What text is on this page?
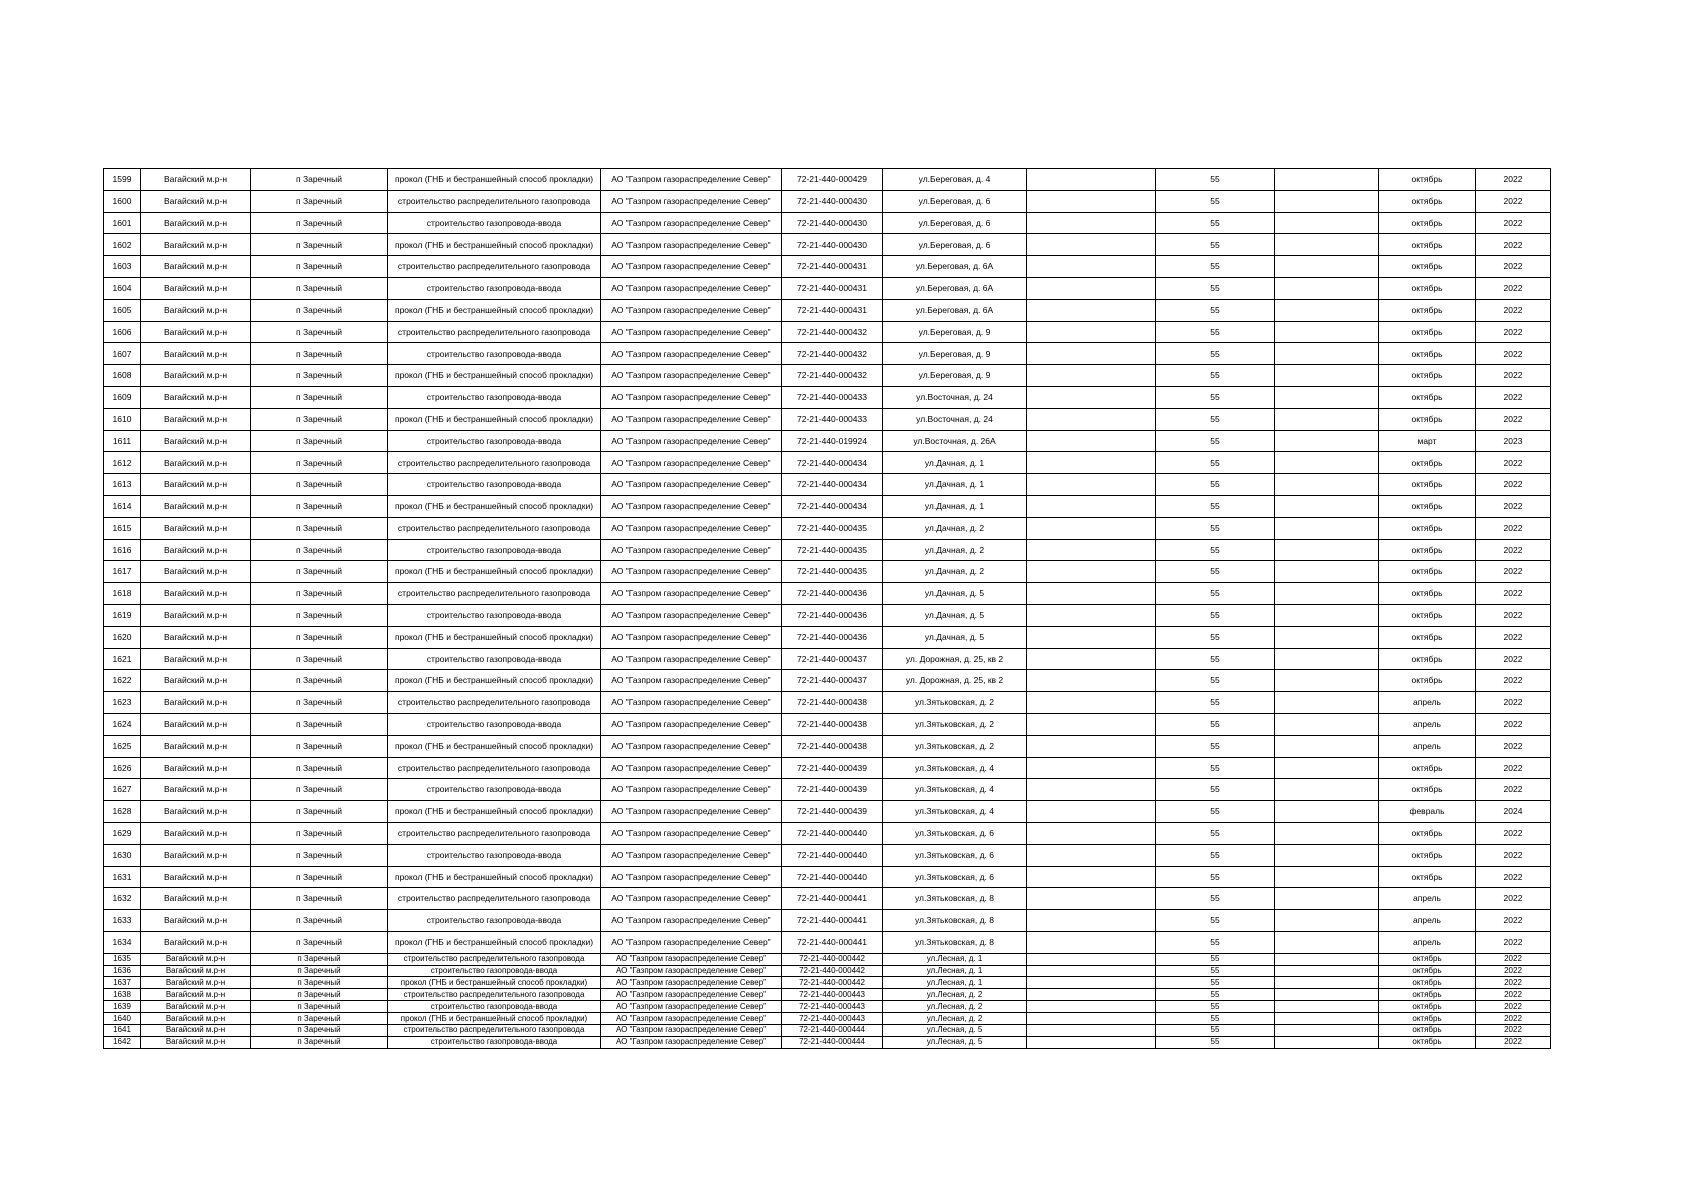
1599	Вагайский м.р-н	п Заречный	прокол (ГНБ и бестраншейный способ прокладки)	АО "Газпром газораспределение Север"	72-21-440-000429	ул.Береговая, д. 4		55		октябрь	2022
1600	Вагайский м.р-н	п Заречный	строительство распределительного газопровода	АО "Газпром газораспределение Север"	72-21-440-000430	ул.Береговая, д. 6		55		октябрь	2022
1601	Вагайский м.р-н	п Заречный	строительство газопровода-ввода	АО "Газпром газораспределение Север"	72-21-440-000430	ул.Береговая, д. 6		55		октябрь	2022
1602	Вагайский м.р-н	п Заречный	прокол (ГНБ и бестраншейный способ прокладки)	АО "Газпром газораспределение Север"	72-21-440-000430	ул.Береговая, д. 6		55		октябрь	2022
1603	Вагайский м.р-н	п Заречный	строительство распределительного газопровода	АО "Газпром газораспределение Север"	72-21-440-000431	ул.Береговая, д. 6А		55		октябрь	2022
1604	Вагайский м.р-н	п Заречный	строительство газопровода-ввода	АО "Газпром газораспределение Север"	72-21-440-000431	ул.Береговая, д. 6А		55		октябрь	2022
1605	Вагайский м.р-н	п Заречный	прокол (ГНБ и бестраншейный способ прокладки)	АО "Газпром газораспределение Север"	72-21-440-000431	ул.Береговая, д. 6А		55		октябрь	2022
1606	Вагайский м.р-н	п Заречный	строительство распределительного газопровода	АО "Газпром газораспределение Север"	72-21-440-000432	ул.Береговая, д. 9		55		октябрь	2022
1607	Вагайский м.р-н	п Заречный	строительство газопровода-ввода	АО "Газпром газораспределение Север"	72-21-440-000432	ул.Береговая, д. 9		55		октябрь	2022
1608	Вагайский м.р-н	п Заречный	прокол (ГНБ и бестраншейный способ прокладки)	АО "Газпром газораспределение Север"	72-21-440-000432	ул.Береговая, д. 9		55		октябрь	2022
1609	Вагайский м.р-н	п Заречный	строительство газопровода-ввода	АО "Газпром газораспределение Север"	72-21-440-000433	ул.Восточная, д. 24		55		октябрь	2022
1610	Вагайский м.р-н	п Заречный	прокол (ГНБ и бестраншейный способ прокладки)	АО "Газпром газораспределение Север"	72-21-440-000433	ул.Восточная, д. 24		55		октябрь	2022
1611	Вагайский м.р-н	п Заречный	строительство газопровода-ввода	АО "Газпром газораспределение Север"	72-21-440-019924	ул.Восточная, д. 26А		55		март	2023
1612	Вагайский м.р-н	п Заречный	строительство распределительного газопровода	АО "Газпром газораспределение Север"	72-21-440-000434	ул.Дачная, д. 1		55		октябрь	2022
1613	Вагайский м.р-н	п Заречный	строительство газопровода-ввода	АО "Газпром газораспределение Север"	72-21-440-000434	ул.Дачная, д. 1		55		октябрь	2022
1614	Вагайский м.р-н	п Заречный	прокол (ГНБ и бестраншейный способ прокладки)	АО "Газпром газораспределение Север"	72-21-440-000434	ул.Дачная, д. 1		55		октябрь	2022
1615	Вагайский м.р-н	п Заречный	строительство распределительного газопровода	АО "Газпром газораспределение Север"	72-21-440-000435	ул.Дачная, д. 2		55		октябрь	2022
1616	Вагайский м.р-н	п Заречный	строительство газопровода-ввода	АО "Газпром газораспределение Север"	72-21-440-000435	ул.Дачная, д. 2		55		октябрь	2022
1617	Вагайский м.р-н	п Заречный	прокол (ГНБ и бестраншейный способ прокладки)	АО "Газпром газораспределение Север"	72-21-440-000435	ул.Дачная, д. 2		55		октябрь	2022
1618	Вагайский м.р-н	п Заречный	строительство распределительного газопровода	АО "Газпром газораспределение Север"	72-21-440-000436	ул.Дачная, д. 5		55		октябрь	2022
1619	Вагайский м.р-н	п Заречный	строительство газопровода-ввода	АО "Газпром газораспределение Север"	72-21-440-000436	ул.Дачная, д. 5		55		октябрь	2022
1620	Вагайский м.р-н	п Заречный	прокол (ГНБ и бестраншейный способ прокладки)	АО "Газпром газораспределение Север"	72-21-440-000436	ул.Дачная, д. 5		55		октябрь	2022
1621	Вагайский м.р-н	п Заречный	строительство газопровода-ввода	АО "Газпром газораспределение Север"	72-21-440-000437	ул. Дорожная, д. 25, кв 2		55		октябрь	2022
1622	Вагайский м.р-н	п Заречный	прокол (ГНБ и бестраншейный способ прокладки)	АО "Газпром газораспределение Север"	72-21-440-000437	ул. Дорожная, д. 25, кв 2		55		октябрь	2022
1623	Вагайский м.р-н	п Заречный	строительство распределительного газопровода	АО "Газпром газораспределение Север"	72-21-440-000438	ул.Зятьковская, д. 2		55		апрель	2022
1624	Вагайский м.р-н	п Заречный	строительство газопровода-ввода	АО "Газпром газораспределение Север"	72-21-440-000438	ул.Зятьковская, д. 2		55		апрель	2022
1625	Вагайский м.р-н	п Заречный	прокол (ГНБ и бестраншейный способ прокладки)	АО "Газпром газораспределение Север"	72-21-440-000438	ул.Зятьковская, д. 2		55		апрель	2022
1626	Вагайский м.р-н	п Заречный	строительство распределительного газопровода	АО "Газпром газораспределение Север"	72-21-440-000439	ул.Зятьковская, д. 4		55		октябрь	2022
1627	Вагайский м.р-н	п Заречный	строительство газопровода-ввода	АО "Газпром газораспределение Север"	72-21-440-000439	ул.Зятьковская, д. 4		55		октябрь	2022
1628	Вагайский м.р-н	п Заречный	прокол (ГНБ и бестраншейный способ прокладки)	АО "Газпром газораспределение Север"	72-21-440-000439	ул.Зятьковская, д. 4		55		февраль	2024
1629	Вагайский м.р-н	п Заречный	строительство распределительного газопровода	АО "Газпром газораспределение Север"	72-21-440-000440	ул.Зятьковская, д. 6		55		октябрь	2022
1630	Вагайский м.р-н	п Заречный	строительство газопровода-ввода	АО "Газпром газораспределение Север"	72-21-440-000440	ул.Зятьковская, д. 6		55		октябрь	2022
1631	Вагайский м.р-н	п Заречный	прокол (ГНБ и бестраншейный способ прокладки)	АО "Газпром газораспределение Север"	72-21-440-000440	ул.Зятьковская, д. 6		55		октябрь	2022
1632	Вагайский м.р-н	п Заречный	строительство распределительного газопровода	АО "Газпром газораспределение Север"	72-21-440-000441	ул.Зятьковская, д. 8		55		апрель	2022
1633	Вагайский м.р-н	п Заречный	строительство газопровода-ввода	АО "Газпром газораспределение Север"	72-21-440-000441	ул.Зятьковская, д. 8		55		апрель	2022
1634	Вагайский м.р-н	п Заречный	прокол (ГНБ и бестраншейный способ прокладки)	АО "Газпром газораспределение Север"	72-21-440-000441	ул.Зятьковская, д. 8		55		апрель	2022
1635	Вагайский м.р-н	п Заречный	строительство распределительного газопровода	АО "Газпром газораспределение Север"	72-21-440-000442	ул.Лесная, д. 1		55		октябрь	2022
1636	Вагайский м.р-н	п Заречный	строительство газопровода-ввода	АО "Газпром газораспределение Север"	72-21-440-000442	ул.Лесная, д. 1		55		октябрь	2022
1637	Вагайский м.р-н	п Заречный	прокол (ГНБ и бестраншейный способ прокладки)	АО "Газпром газораспределение Север"	72-21-440-000442	ул.Лесная, д. 1		55		октябрь	2022
1638	Вагайский м.р-н	п Заречный	строительство распределительного газопровода	АО "Газпром газораспределение Север"	72-21-440-000443	ул.Лесная, д. 2		55		октябрь	2022
1639	Вагайский м.р-н	п Заречный	строительство газопровода-ввода	АО "Газпром газораспределение Север"	72-21-440-000443	ул.Лесная, д. 2		55		октябрь	2022
1640	Вагайский м.р-н	п Заречный	прокол (ГНБ и бестраншейный способ прокладки)	АО "Газпром газораспределение Север"	72-21-440-000443	ул.Лесная, д. 2		55		октябрь	2022
1641	Вагайский м.р-н	п Заречный	строительство распределительного газопровода	АО "Газпром газораспределение Север"	72-21-440-000444	ул.Лесная, д. 5		55		октябрь	2022
1642	Вагайский м.р-н	п Заречный	строительство газопровода-ввода	АО "Газпром газораспределение Север"	72-21-440-000444	ул.Лесная, д. 5		55		октябрь	2022
